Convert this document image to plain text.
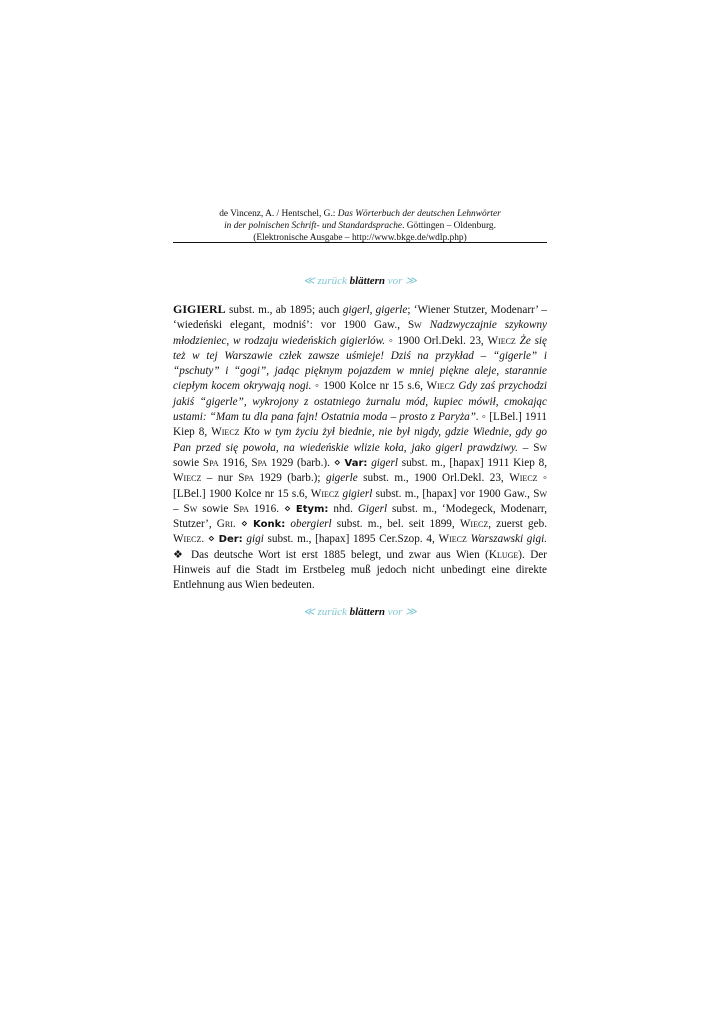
de Vincenz, A. / Hentschel, G.: Das Wörterbuch der deutschen Lehnwörter
in der polnischen Schrift- und Standardsprache. Göttingen – Oldenburg.
(Elektronische Ausgabe – http://www.bkge.de/wdlp.php)
≪ zurück blättern vor ≫
GIGIERL subst. m., ab 1895; auch gigerl, gigerle; ‘Wiener Stutzer, Modenarr’ – ‘wiedeński elegant, modniś’: vor 1900 Gaw., Sw Nadzwyczajnie szykowny młodzieniec, w rodzaju wiedeńskich gigierlów. ◦ 1900 Orl.Dekl. 23, Wiecz Że się też w tej Warszawie człek zawsze uśmieje! Dziś na przykład – “gigerle” i “pschuty” i “gogi”, jadąc pięknym pojazdem w mniej piękne aleje, starannie ciepłym kocem okrywają nogi. ◦ 1900 Kolce nr 15 s.6, Wiecz Gdy zaś przychodzi jakiś “gigerle”, wykrojony z ostatniego żurnalu mód, kupiec mówił, cmokając ustami: “Mam tu dla pana fajn! Ostatnia moda – prosto z Paryża”. ◦ [LBel.] 1911 Kiep 8, Wiecz Kto w tym życiu żył biednie, nie był nigdy, gdzie Wiednie, gdy go Pan przed się powoła, na wiedeńskie wlizie koła, jako gigerl prawdziwy. – Sw sowie Spa 1916, Spa 1929 (barb.). ⋄ Var: gigerl subst. m., [hapax] 1911 Kiep 8, Wiecz – nur Spa 1929 (barb.); gigerle subst. m., 1900 Orl.Dekl. 23, Wiecz ◦ [LBel.] 1900 Kolce nr 15 s.6, Wiecz gigierl subst. m., [hapax] vor 1900 Gaw., Sw – Sw sowie Spa 1916. ⋄ Etym: nhd. Gigerl subst. m., ‘Modegeck, Modenarr, Stutzer’, Gri. ⋄ Konk: obergierl subst. m., bel. seit 1899, Wiecz, zuerst geb. Wiecz. ⋄ Der: gigi subst. m., [hapax] 1895 Cer.Szop. 4, Wiecz Warszawski gigi. ❖ Das deutsche Wort ist erst 1885 belegt, und zwar aus Wien (Kluge). Der Hinweis auf die Stadt im Erstbeleg muß jedoch nicht unbedingt eine direkte Entlehnung aus Wien bedeuten.
≪ zurück blättern vor ≫
